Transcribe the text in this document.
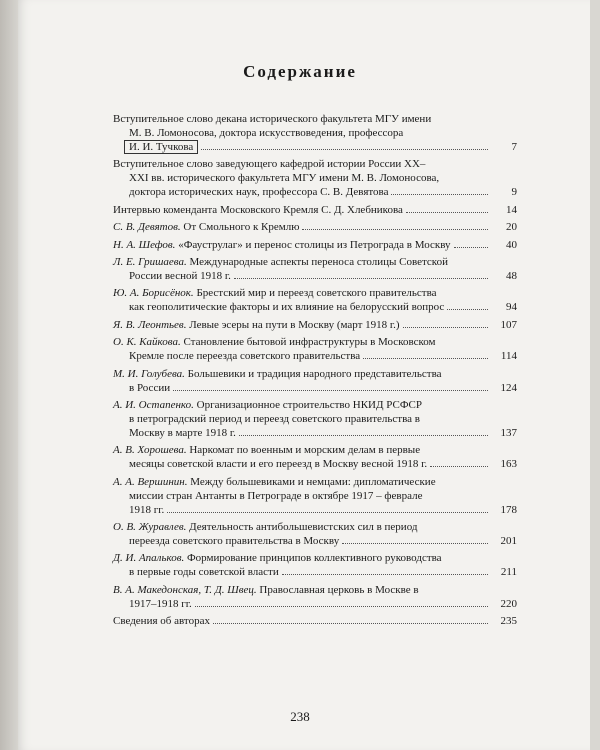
Содержание
Вступительное слово декана исторического факультета МГУ имени
М. В. Ломоносова, доктора искусствоведения, профессора
И. И. Тучкова	7
Вступительное слово заведующего кафедрой истории России XX–
XXI вв. исторического факультета МГУ имени М. В. Ломоносова,
доктора исторических наук, профессора С. В. Девятова	9
Интервью коменданта Московского Кремля С. Д. Хлебникова	14
С. В. Девятов. От Смольного к Кремлю	20
Н. А. Шефов. «Фауструлаг» и перенос столицы из Петрограда в Москву	40
Л. Е. Гришаева. Международные аспекты переноса столицы Советской
России весной 1918 г.	48
Ю. А. Борисёнок. Брестский мир и переезд советского правительства
как геополитические факторы и их влияние на белорусский вопрос	94
Я. В. Леонтьев. Левые эсеры на пути в Москву (март 1918 г.)	107
О. К. Кайкова. Становление бытовой инфраструктуры в Московском
Кремле после переезда советского правительства	114
М. И. Голубева. Большевики и традиция народного представительства
в России	124
А. И. Остапенко. Организационное строительство НКИД РСФСР
в петроградский период и переезд советского правительства в
Москву в марте 1918 г.	137
А. В. Хорошева. Наркомат по военным и морским делам в первые
месяцы советской власти и его переезд в Москву весной 1918 г.	163
А. А. Вершинин. Между большевиками и немцами: дипломатические
миссии стран Антанты в Петрограде в октябре 1917 – феврале
1918 гг.	178
О. В. Журавлев. Деятельность антибольшевистских сил в период
переезда советского правительства в Москву	201
Д. И. Апальков. Формирование принципов коллективного руководства
в первые годы советской власти	211
В. А. Македонская, Т. Д. Швец. Православная церковь в Москве в
1917–1918 гг.	220
Сведения об авторах	235
238
